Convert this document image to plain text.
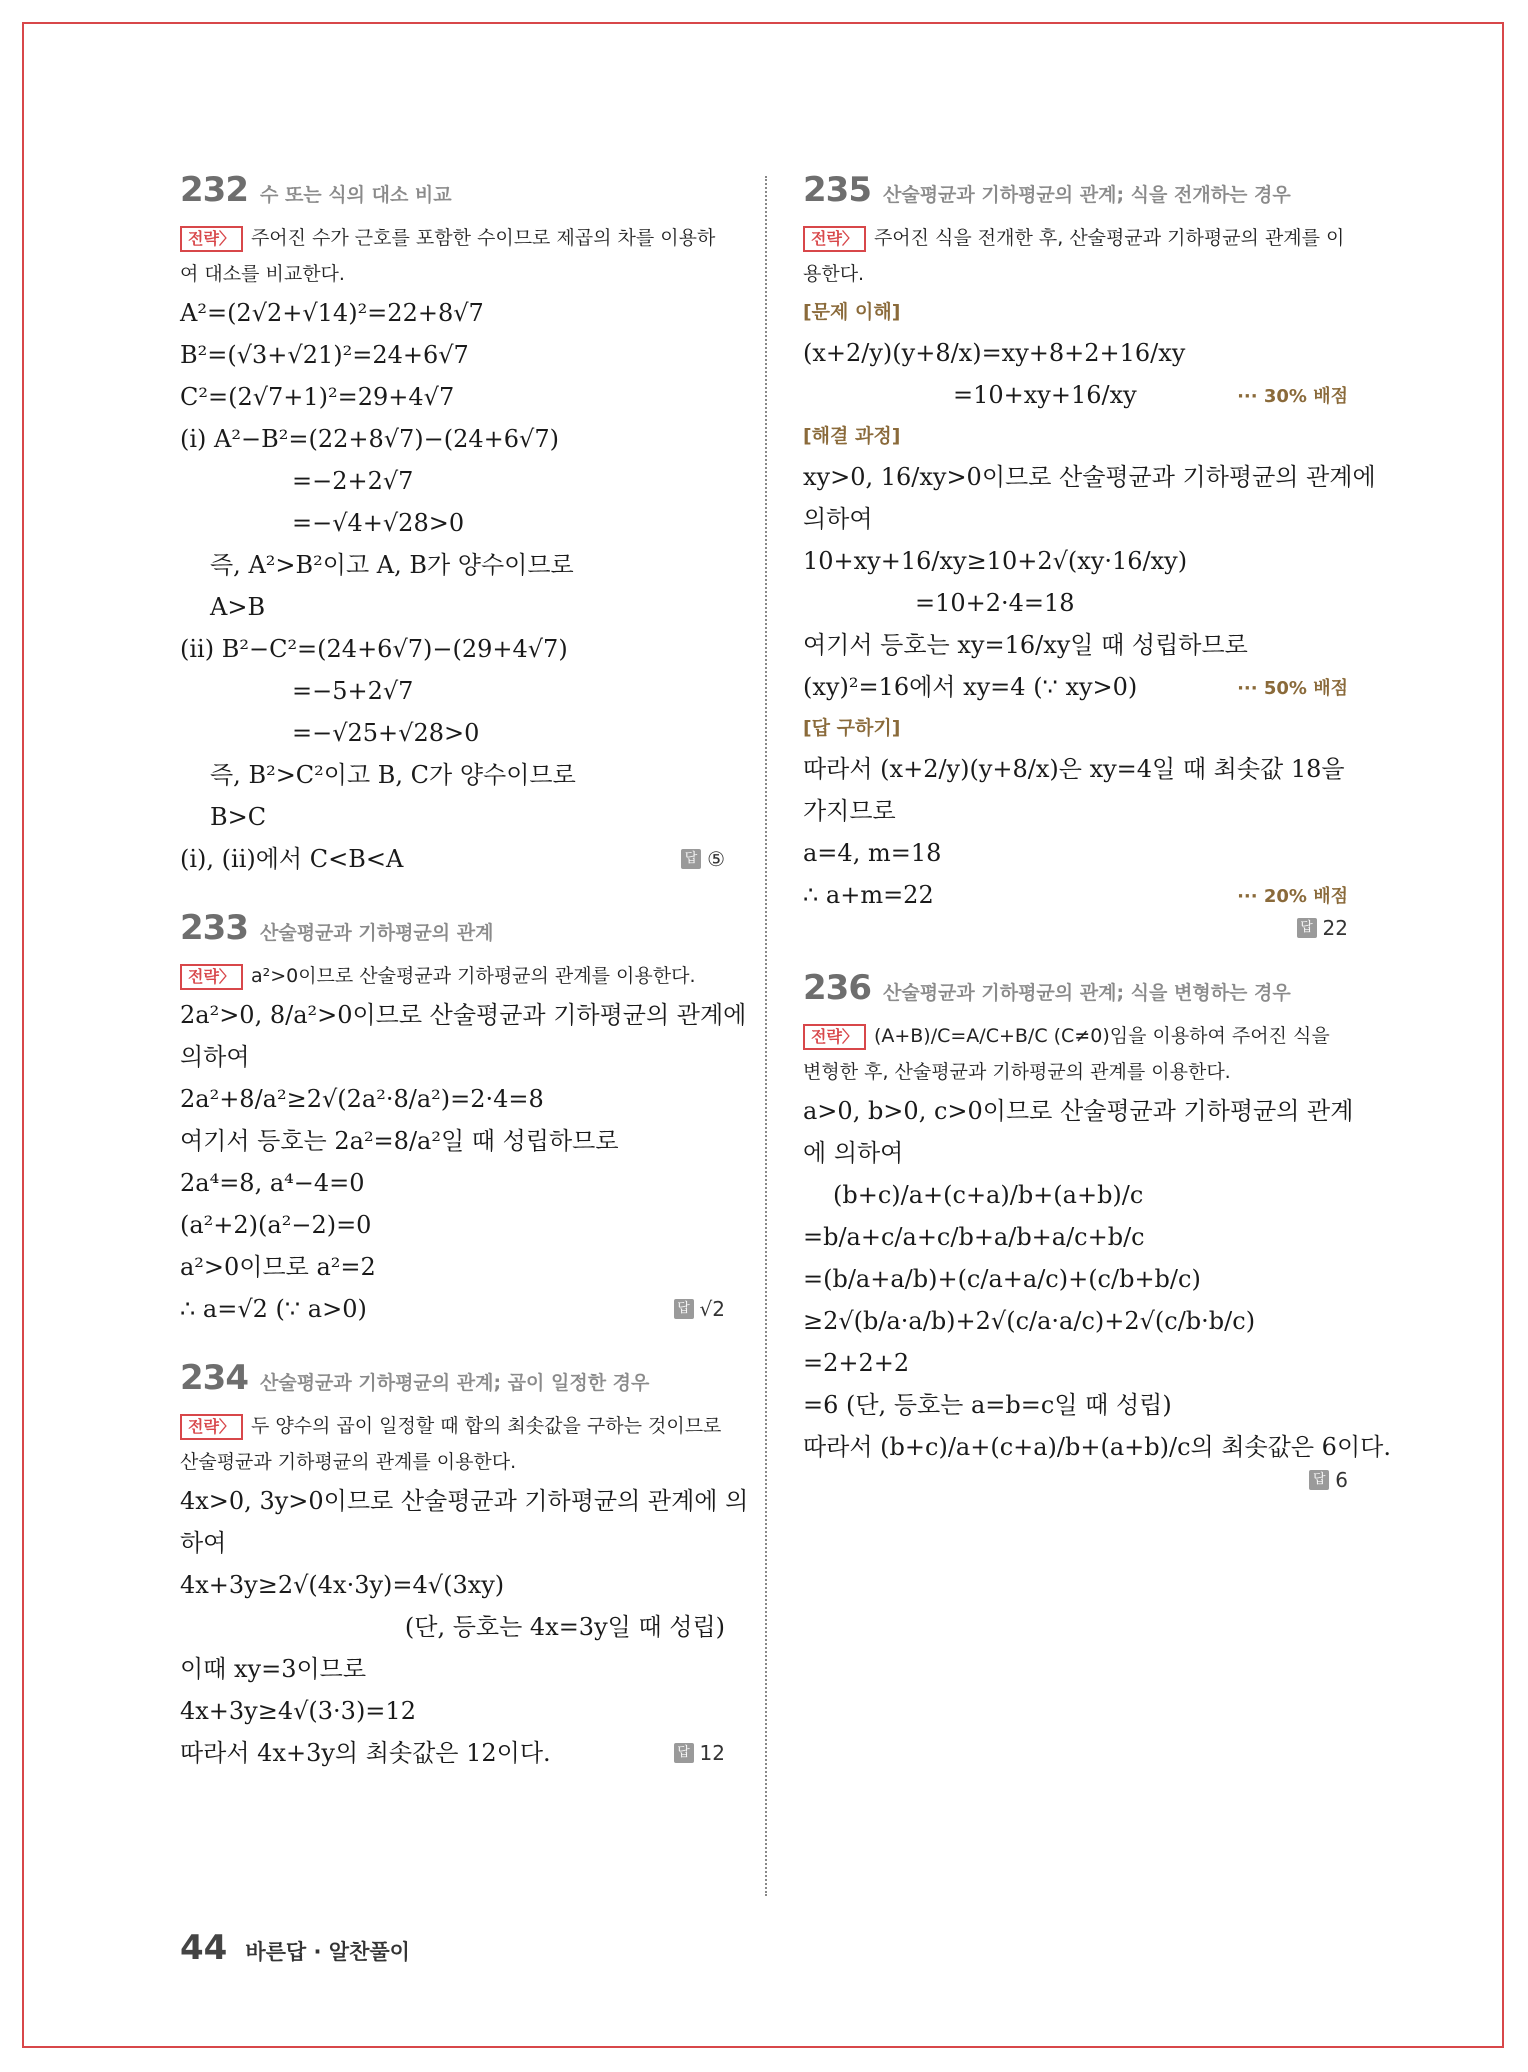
232 수 또는 식의 대소 비교
전략 〉 주어진 수가 근호를 포함한 수이므로 제곱의 차를 이용하여 대소를 비교한다.
A²=(2√2+√14)²=22+8√7
B²=(√3+√21)²=24+6√7
C²=(2√7+1)²=29+4√7
(i) A²−B²=(22+8√7)−(24+6√7)
=−2+2√7
=−√4+√28>0
즉, A²>B²이고 A, B가 양수이므로
A>B
(ii) B²−C²=(24+6√7)−(29+4√7)
=−5+2√7
=−√25+√28>0
즉, B²>C²이고 B, C가 양수이므로
B>C
(i), (ii)에서 C<B<A	답 ⑤
233 산술평균과 기하평균의 관계
전략 〉 a²>0이므로 산술평균과 기하평균의 관계를 이용한다.
2a²>0, 8/a²>0이므로 산술평균과 기하평균의 관계에
의하여
2a²+8/a²≥2√(2a²·8/a²)=2·4=8
여기서 등호는 2a²=8/a²일 때 성립하므로
2a⁴=8, a⁴−4=0
(a²+2)(a²−2)=0
a²>0이므로 a²=2
∴ a=√2 (∵ a>0)	답 √2
234 산술평균과 기하평균의 관계; 곱이 일정한 경우
전략 〉 두 양수의 곱이 일정할 때 합의 최솟값을 구하는 것이므로 산술평균과 기하평균의 관계를 이용한다.
4x>0, 3y>0이므로 산술평균과 기하평균의 관계에 의
하여
4x+3y≥2√(4x·3y)=4√(3xy)
(단, 등호는 4x=3y일 때 성립)
이때 xy=3이므로
4x+3y≥4√(3·3)=12
따라서 4x+3y의 최솟값은 12이다.	답 12
235 산술평균과 기하평균의 관계; 식을 전개하는 경우
전략 〉 주어진 식을 전개한 후, 산술평균과 기하평균의 관계를 이용한다.
[문제 이해]
(x+2/y)(y+8/x)=xy+8+2+16/xy
=10+xy+16/xy	··· 30% 배점
[해결 과정]
xy>0, 16/xy>0이므로 산술평균과 기하평균의 관계에
의하여
10+xy+16/xy≥10+2√(xy·16/xy)
=10+2·4=18
여기서 등호는 xy=16/xy일 때 성립하므로
(xy)²=16에서 xy=4 (∵ xy>0)	··· 50% 배점
[답 구하기]
따라서 (x+2/y)(y+8/x)은 xy=4일 때 최솟값 18을
가지므로
a=4, m=18
∴ a+m=22	··· 20% 배점
답 22
236 산술평균과 기하평균의 관계; 식을 변형하는 경우
전략 〉 (A+B)/C=A/C+B/C (C≠0)임을 이용하여 주어진 식을 변형한 후, 산술평균과 기하평균의 관계를 이용한다.
a>0, b>0, c>0이므로 산술평균과 기하평균의 관계
에 의하여
(b+c)/a+(c+a)/b+(a+b)/c
=b/a+c/a+c/b+a/b+a/c+b/c
=(b/a+a/b)+(c/a+a/c)+(c/b+b/c)
≥2√(b/a·a/b)+2√(c/a·a/c)+2√(c/b·b/c)
=2+2+2
=6 (단, 등호는 a=b=c일 때 성립)
따라서 (b+c)/a+(c+a)/b+(a+b)/c의 최솟값은 6이다.
답 6
44 바른답 · 알찬풀이
